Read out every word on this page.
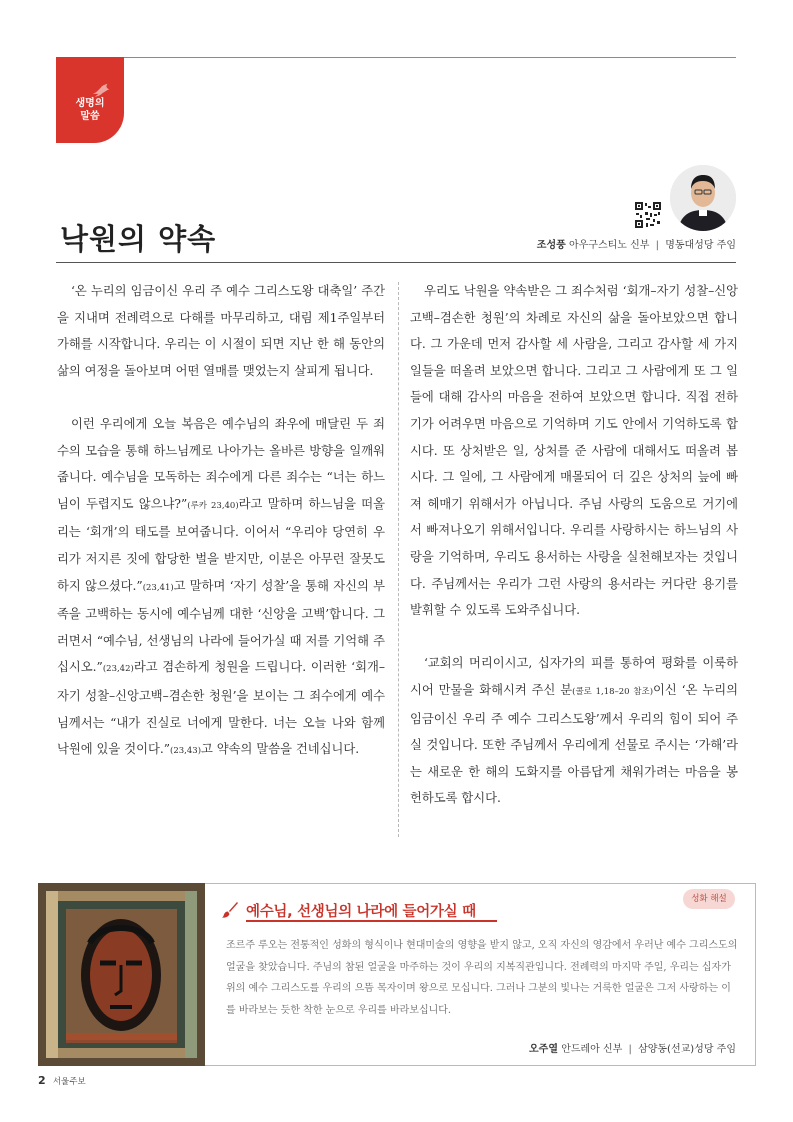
생명의
말씀
조성풍 아우구스티노 신부 | 명동대성당 주임
낙원의 약속

‘온 누리의 임금이신 우리 주 예수 그리스도왕 대축일’ 주간을 지내며 전례력으로 다해를 마무리하고, 대림 제1주일부터 가해를 시작합니다. 우리는 이 시절이 되면 지난 한 해 동안의 삶의 여정을 돌아보며 어떤 열매를 맺었는지 살피게 됩니다.

이런 우리에게 오늘 복음은 예수님의 좌우에 매달린 두 죄수의 모습을 통해 하느님께로 나아가는 올바른 방향을 일깨워줍니다. 예수님을 모독하는 죄수에게 다른 죄수는 “너는 하느님이 두렵지도 않으냐?”(루카 23,40)라고 말하며 하느님을 떠올리는 ‘회개’의 태도를 보여줍니다. 이어서 “우리야 당연히 우리가 저지른 짓에 합당한 벌을 받지만, 이분은 아무런 잘못도 하지 않으셨다.”(23,41)고 말하며 ‘자기 성찰’을 통해 자신의 부족을 고백하는 동시에 예수님께 대한 ‘신앙을 고백’합니다. 그러면서 “예수님, 선생님의 나라에 들어가실 때 저를 기억해 주십시오.”(23,42)라고 겸손하게 청원을 드립니다. 이러한 ‘회개–자기 성찰–신앙고백–겸손한 청원’을 보이는 그 죄수에게 예수님께서는 “내가 진실로 너에게 말한다. 너는 오늘 나와 함께 낙원에 있을 것이다.”(23,43)고 약속의 말씀을 건네십니다.

우리도 낙원을 약속받은 그 죄수처럼 ‘회개–자기 성찰–신앙고백–겸손한 청원’의 차례로 자신의 삶을 돌아보았으면 합니다. 그 가운데 먼저 감사할 세 사람을, 그리고 감사할 세 가지 일들을 떠올려 보았으면 합니다. 그리고 그 사람에게 또 그 일들에 대해 감사의 마음을 전하여 보았으면 합니다. 직접 전하기가 어려우면 마음으로 기억하며 기도 안에서 기억하도록 합시다. 또 상처받은 일, 상처를 준 사람에 대해서도 떠올려 봅시다. 그 일에, 그 사람에게 매몰되어 더 깊은 상처의 늪에 빠져 헤매기 위해서가 아닙니다. 주님 사랑의 도움으로 거기에서 빠져나오기 위해서입니다. 우리를 사랑하시는 하느님의 사랑을 기억하며, 우리도 용서하는 사랑을 실천해보자는 것입니다. 주님께서는 우리가 그런 사랑의 용서라는 커다란 용기를 발휘할 수 있도록 도와주십니다.

‘교회의 머리이시고, 십자가의 피를 통하여 평화를 이룩하시어 만물을 화해시켜 주신 분(콜로 1,18–20 참조)이신 ‘온 누리의 임금이신 우리 주 예수 그리스도왕’께서 우리의 힘이 되어 주실 것입니다. 또한 주님께서 우리에게 선물로 주시는 ‘가해’라는 새로운 한 해의 도화지를 아름답게 채워가려는 마음을 봉헌하도록 합시다.

성화 해설
예수님, 선생님의 나라에 들어가실 때
조르주 루오는 전통적인 성화의 형식이나 현대미술의 영향을 받지 않고, 오직 자신의 영감에서 우러난 예수 그리스도의 얼굴을 찾았습니다. 주님의 참된 얼굴을 마주하는 것이 우리의 지복직관입니다. 전례력의 마지막 주일, 우리는 십자가 위의 예수 그리스도를 우리의 으뜸 목자이며 왕으로 모십니다. 그러나 그분의 빛나는 거룩한 얼굴은 그저 사랑하는 이를 바라보는 듯한 착한 눈으로 우리를 바라보십니다.
오주열 안드레아 신부 | 삼양동(선교)성당 주임
2 서울주보
